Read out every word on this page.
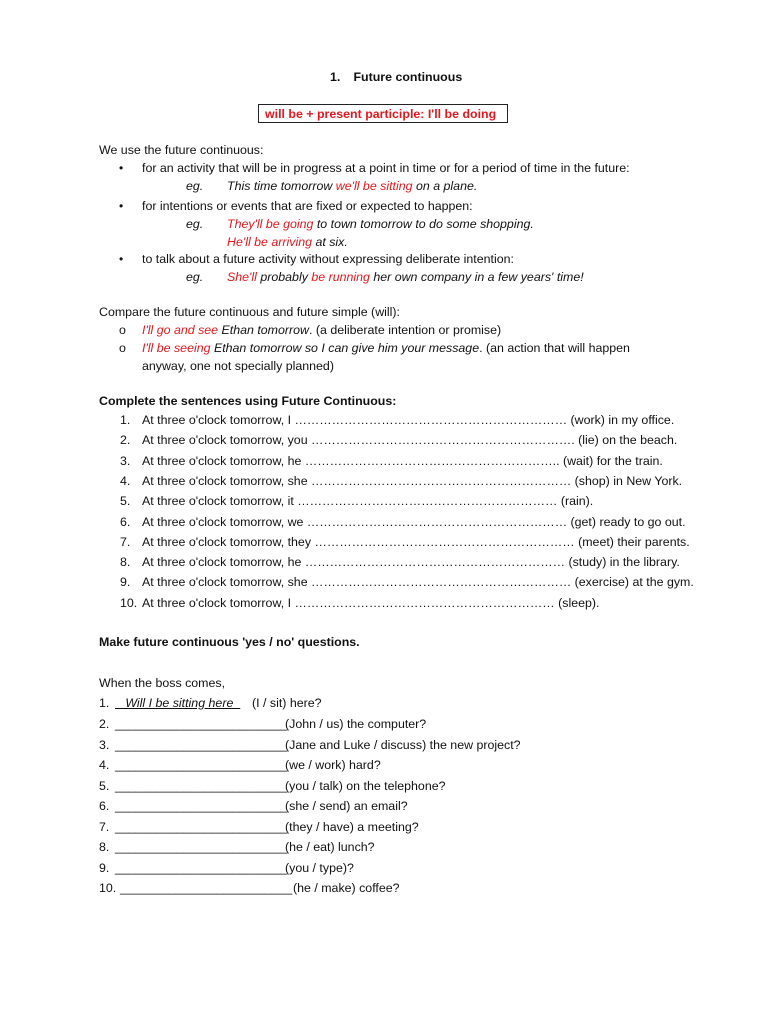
1. Future continuous
will be + present participle: I'll be doing
We use the future continuous:
• for an activity that will be in progress at a point in time or for a period of time in the future:
eg. This time tomorrow we'll be sitting on a plane.
• for intentions or events that are fixed or expected to happen:
eg. They'll be going to town tomorrow to do some shopping.
He'll be arriving at six.
• to talk about a future activity without expressing deliberate intention:
eg. She'll probably be running her own company in a few years' time!
Compare the future continuous and future simple (will):
o I'll go and see Ethan tomorrow. (a deliberate intention or promise)
o I'll be seeing Ethan tomorrow so I can give him your message. (an action that will happen
anyway, one not specially planned)
Complete the sentences using Future Continuous:
1. At three o'clock tomorrow, I ………………………………………………………… (work) in my office.
2. At three o'clock tomorrow, you ………………………………………………………. (lie) on the beach.
3. At three o'clock tomorrow, he …………………………………………………….. (wait) for the train.
4. At three o'clock tomorrow, she ……………………………………………………… (shop) in New York.
5. At three o'clock tomorrow, it ……………………………………………………… (rain).
6. At three o'clock tomorrow, we ……………………………………………………… (get) ready to go out.
7. At three o'clock tomorrow, they ……………………………………………………… (meet) their parents.
8. At three o'clock tomorrow, he ……………………………………………………… (study) in the library.
9. At three o'clock tomorrow, she ……………………………………………………… (exercise) at the gym.
10. At three o'clock tomorrow, I ……………………………………………………… (sleep).
Make future continuous 'yes / no' questions.
When the boss comes,
1. Will I be sitting here (I / sit) here?
2. _________________________
(John / us) the computer?
3. _________________________
(Jane and Luke / discuss) the new project?
4. _________________________
(we / work) hard?
5. _________________________
(you / talk) on the telephone?
6. _________________________
(she / send) an email?
7. _________________________
(they / have) a meeting?
8. _________________________
(he / eat) lunch?
9. _________________________
(you / type)?
10. _________________________ (he / make) coffee?
